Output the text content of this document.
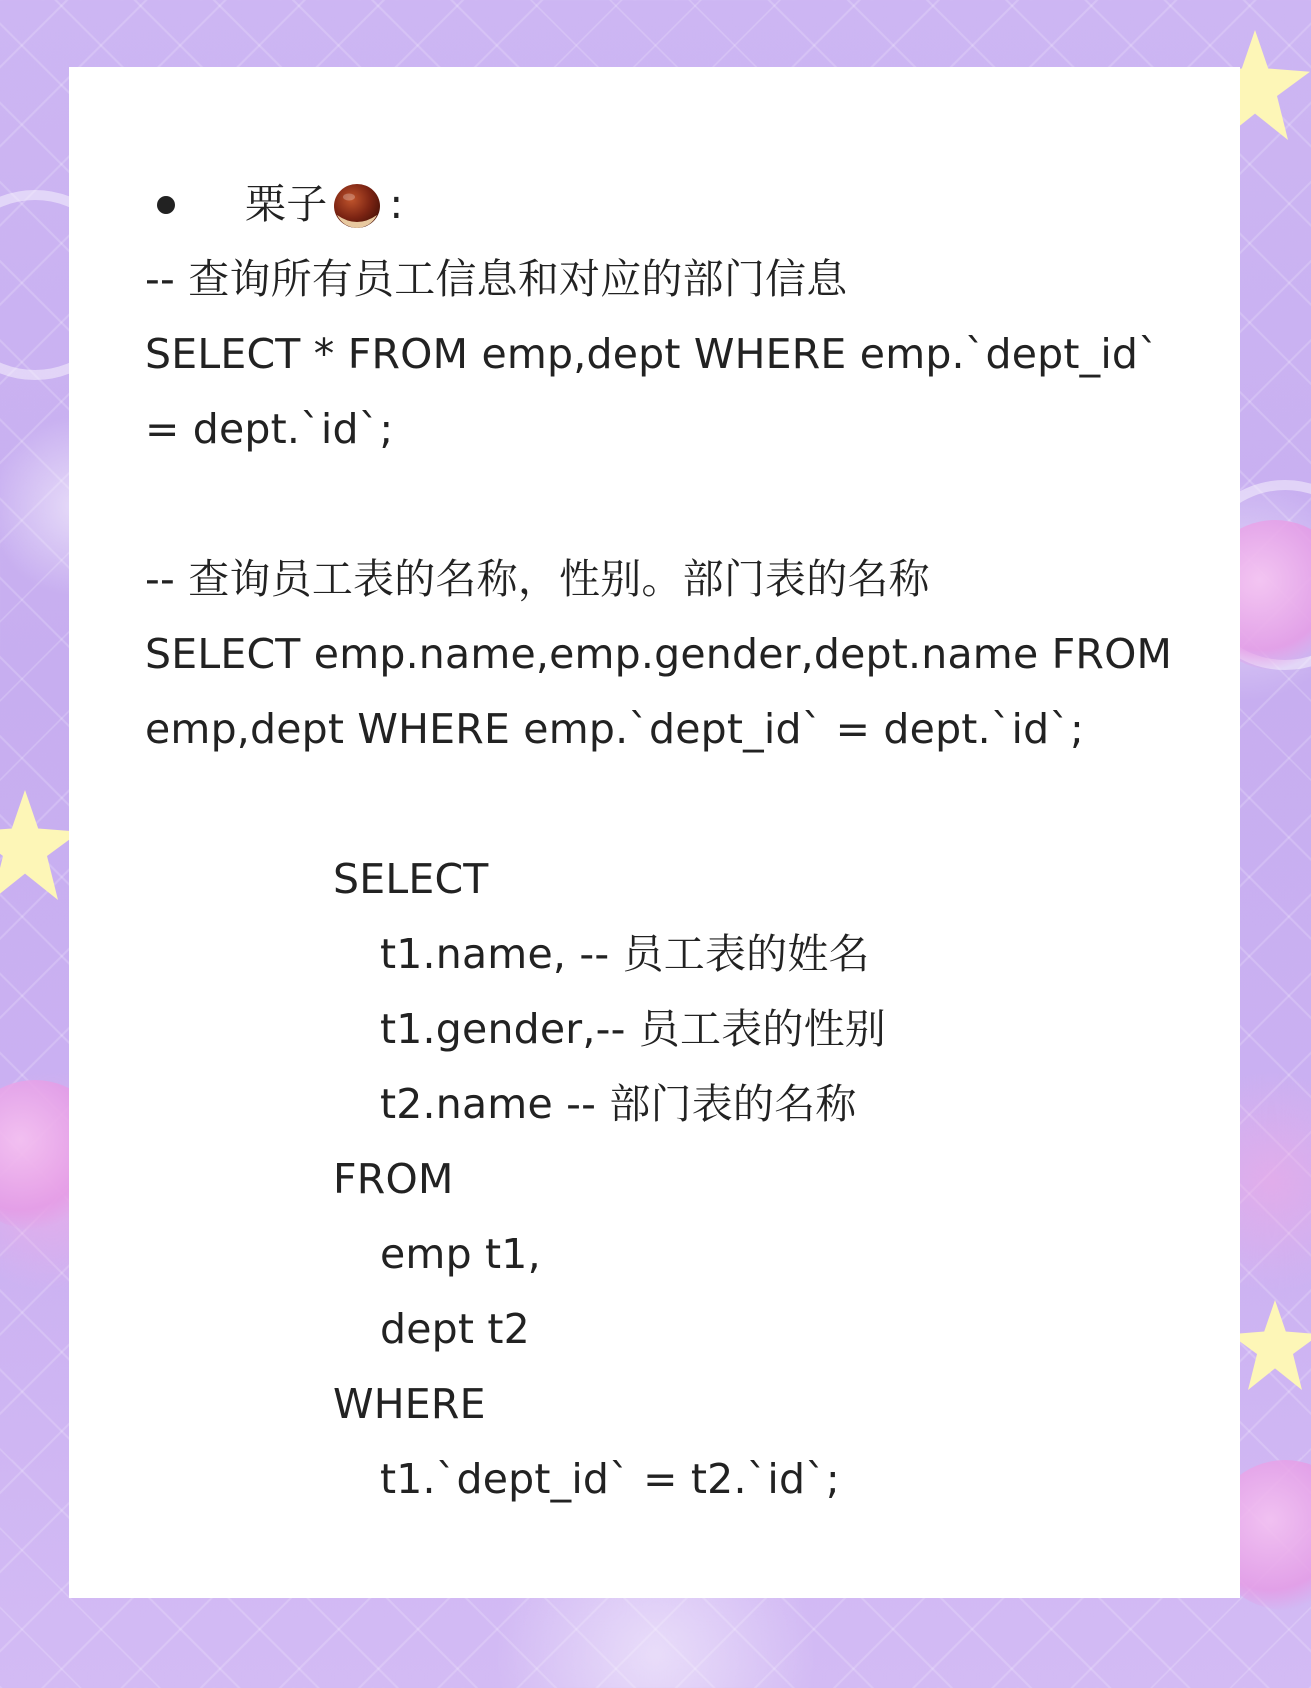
栗子 :
-- 查询所有员工信息和对应的部门信息
SELECT * FROM emp,dept WHERE emp.`dept_id`
= dept.`id`;
-- 查询员工表的名称，性别。部门表的名称
SELECT emp.name,emp.gender,dept.name FROM
emp,dept WHERE emp.`dept_id` = dept.`id`;
SELECT
t1.name, -- 员工表的姓名
t1.gender,-- 员工表的性别
t2.name -- 部门表的名称
FROM
emp t1,
dept t2
WHERE
t1.`dept_id` = t2.`id`;
